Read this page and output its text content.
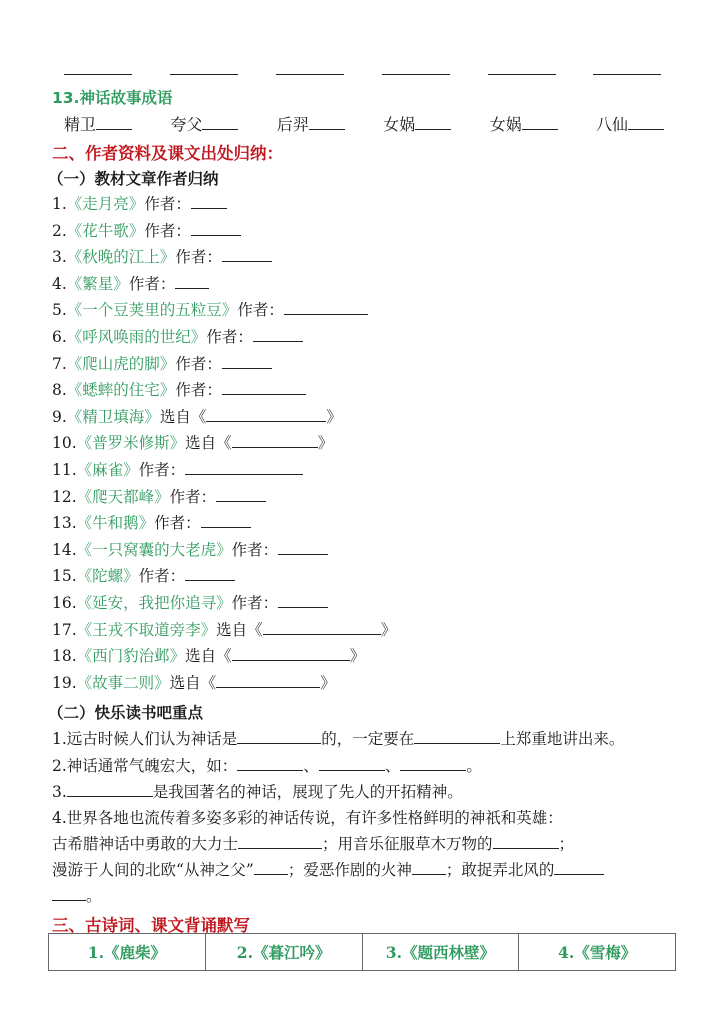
13.神话故事成语
精卫	夸父	后羿	女娲	女娲	八仙
二、作者资料及课文出处归纳：
（一）教材文章作者归纳
1.《走月亮》作者：
2.《花牛歌》作者：
3.《秋晚的江上》作者：
4.《繁星》作者：
5.《一个豆荚里的五粒豆》作者：
6.《呼风唤雨的世纪》作者：
7.《爬山虎的脚》作者：
8.《蟋蟀的住宅》作者：
9.《精卫填海》选自《	》
10.《普罗米修斯》选自《	》
11.《麻雀》作者：
12.《爬天都峰》作者：
13.《牛和鹅》作者：
14.《一只窝囊的大老虎》作者：
15.《陀螺》作者：
16.《延安，我把你追寻》作者：
17.《王戎不取道旁李》选自《	》
18.《西门豹治邺》选自《	》
19.《故事二则》选自《	》
（二）快乐读书吧重点
1.远古时候人们认为神话是	的，一定要在	上郑重地讲出来。
2.神话通常气魄宏大，如：	、	、	。
3.	是我国著名的神话，展现了先人的开拓精神。
4.世界各地也流传着多姿多彩的神话传说，有许多性格鲜明的神祇和英雄：
古希腊神话中勇敢的大力士	；用音乐征服草木万物的	；
漫游于人间的北欧“从神之父” ；爱恶作剧的火神 ；敢捉弄北风的
。
三、古诗词、课文背诵默写
1.《鹿柴》	2.《暮江吟》	3.《题西林壁》	4.《雪梅》
